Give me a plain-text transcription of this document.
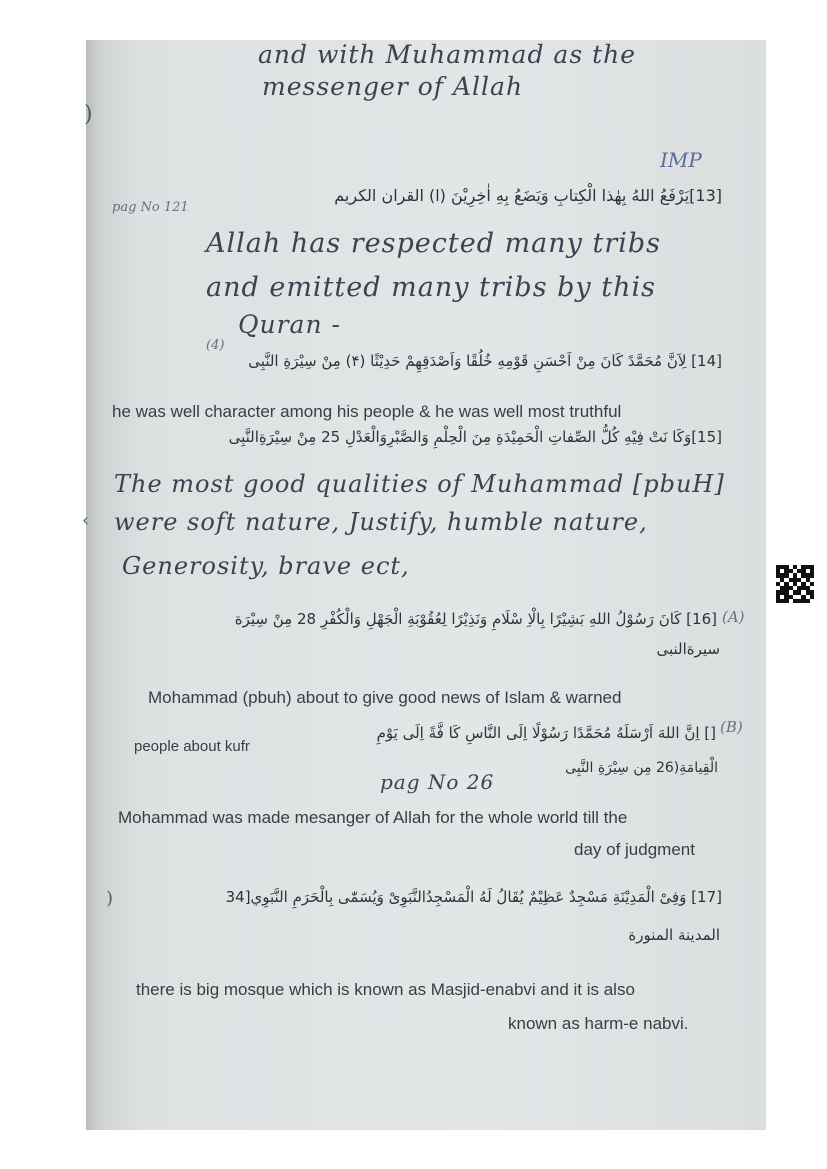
)
‹
)
and with Muhammad as the
messenger of Allah
IMP
pag No 121
[13]يَرْفَعُ اللهُ بِهٰذا الْكِتابِ وَيَضَعُ بِهِ اٰخِرِيْنَ (ا) القران الكريم
Allah has respected many tribs
and emitted many tribs by this
Quran -
(4)
[14] لِاَنَّ مُحَمَّدً كَانَ مِنْ اَحْسَنِ قَوْمِهِ خُلُقًا وَاَصْدَقِهِمْ حَدِيْثًا (۴) مِنْ سِيْرَةِ النَّبِى
he was well character among his people & he was well most truthful
[15]وَكَا نَتْ فِيْهِ كُلُّ الصِّفاتِ الْحَمِيْدَةِ مِنَ الْحِلْمِ وَالصَّبْرِوَالْعَدْلِ 25 مِنْ سِيْرَةِالنَّبِى
The most good qualities of Muhammad [pbuH]
were soft nature, Justify, humble nature,
Generosity, brave ect,
(A)
[16] كَانَ رَسُوْلُ اللهِ بَشِيْرًا بِالْاِ سْلَامِ وَنَذِيْرًا لِعُقُوْبَةِ الْجَهْلِ وَالْكُفْرِ 28 مِنْ سِيْرَة
سيرةالنبى
Mohammad (pbuh) about to give good news of Islam & warned
people about kufr
(B)
[] اِنَّ اللهَ اَرْسَلَهُ مُحَمَّدًا رَسُوْلًا اِلَى النَّاسِ كَا فَّةً اِلَى يَوْمِ
الْقِيامَةِ(26 مِن سِيْرَةِ النَّبِى
pag No 26
Mohammad was made mesanger of Allah for the whole world till the
day of judgment
[17] وَفِىْ الْمَدِيْنَةِ مَسْجِدٌ عَظِيْمٌ يُقَالُ لَهُ الْمَسْجِدُالنَّبَوِىْ وَيُسَمّٰى بِالْحَرَمِ النَّبَوِي[34
المدينة المنورة
there is big mosque which is known as Masjid-enabvi and it is also
known as harm-e nabvi.
